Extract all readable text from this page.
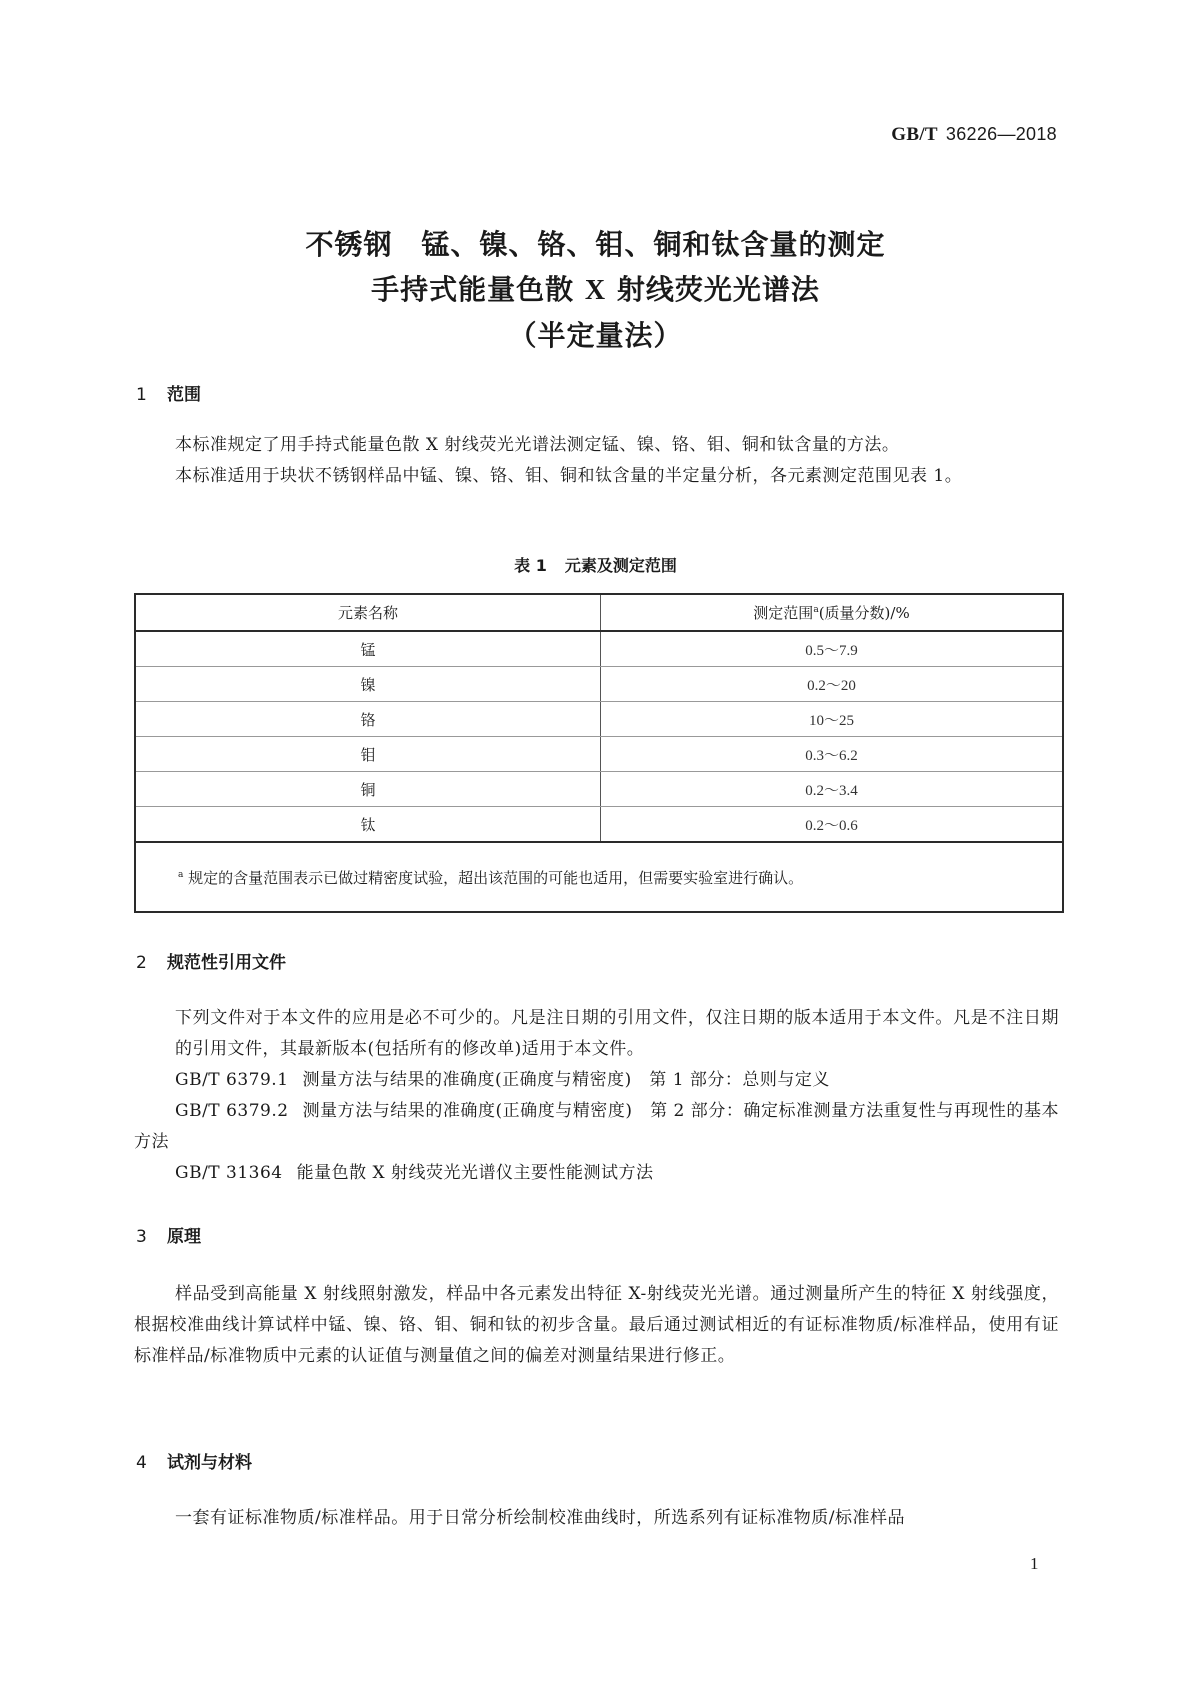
GB/T 36226—2018
不锈钢　锰、镍、铬、钼、铜和钛含量的测定
手持式能量色散 X 射线荧光光谱法
（半定量法）
1 范围

本标准规定了用手持式能量色散 X 射线荧光光谱法测定锰、镍、铬、钼、铜和钛含量的方法。

本标准适用于块状不锈钢样品中锰、镍、铬、钼、铜和钛含量的半定量分析，各元素测定范围见表 1。

表 1 元素及测定范围
元素名称	测定范围$^a$(质量分数)/%
锰	0.5～7.9
镍	0.2～20
铬	10～25
钼	0.3～6.2
铜	0.2～3.4
钛	0.2～0.6
$^a$ 规定的含量范围表示已做过精密度试验，超出该范围的可能也适用，但需要实验室进行确认。	
2 规范性引用文件

下列文件对于本文件的应用是必不可少的。凡是注日期的引用文件，仅注日期的版本适用于本文件。凡是不注日期的引用文件，其最新版本(包括所有的修改单)适用于本文件。

GB/T 6379.1 测量方法与结果的准确度(正确度与精密度)　第 1 部分：总则与定义

GB/T 6379.2 测量方法与结果的准确度(正确度与精密度)　第 2 部分：确定标准测量方法重复性与再现性的基本方法

GB/T 31364 能量色散 X 射线荧光光谱仪主要性能测试方法
3 原理

样品受到高能量 X 射线照射激发，样品中各元素发出特征 X-射线荧光光谱。通过测量所产生的特征 X 射线强度，根据校准曲线计算试样中锰、镍、铬、钼、铜和钛的初步含量。最后通过测试相近的有证标准物质/标准样品，使用有证标准样品/标准物质中元素的认证值与测量值之间的偏差对测量结果进行修正。

4 试剂与材料

一套有证标准物质/标准样品。用于日常分析绘制校准曲线时，所选系列有证标准物质/标准样品

1
